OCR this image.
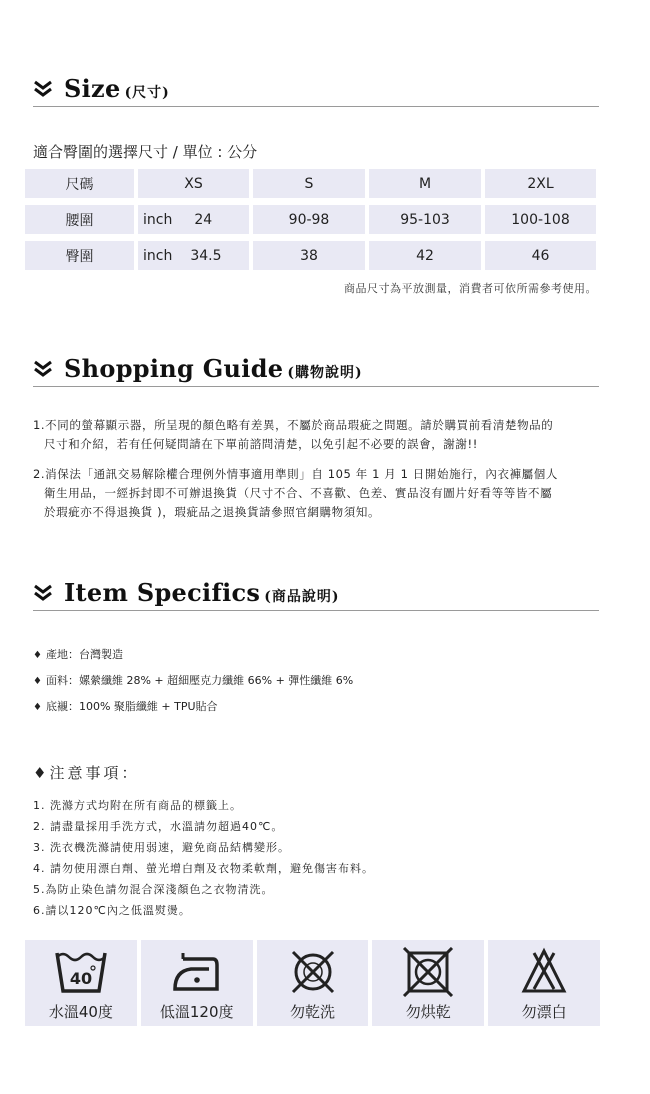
Size (尺寸)
適合臀圍的選擇尺寸 / 單位 : 公分
尺碼	XS	S	M	2XL
腰圍	inch 24	90-98	95-103	100-108
臀圍	inch 34.5	38	42	46
商品尺寸為平放測量，消費者可依所需參考使用。
Shopping Guide (購物說明)

1.不同的螢幕顯示器，所呈現的顏色略有差異，不屬於商品瑕疵之問題。請於購買前看清楚物品的
尺寸和介紹，若有任何疑問請在下單前諮問清楚，以免引起不必要的誤會，謝謝!!

2.消保法「通訊交易解除權合理例外情事適用準則」自 105 年 1 月 1 日開始施行，內衣褲屬個人
衛生用品，一經拆封即不可辦退換貨（尺寸不合、不喜歡、色差、實品沒有圖片好看等等皆不屬
於瑕疵亦不得退換貨 )，瑕疵品之退換貨請參照官網購物須知。

Item Specifics (商品說明)
♦ 產地：台灣製造
♦ 面料：嫘縈纖維 28% + 超細壓克力纖維 66% + 彈性纖維 6%
♦ 底襯：100% 聚脂纖維 + TPU貼合
♦注意事項：
1. 洗滌方式均附在所有商品的標籤上。
2. 請盡量採用手洗方式，水溫請勿超過40℃。
3. 洗衣機洗滌請使用弱速，避免商品結構變形。
4. 請勿使用漂白劑、螢光增白劑及衣物柔軟劑，避免傷害布料。
5.為防止染色請勿混合深淺顏色之衣物清洗。
6.請以120℃內之低溫熨燙。
40
水溫40度	低溫120度	勿乾洗	勿烘乾	勿漂白
